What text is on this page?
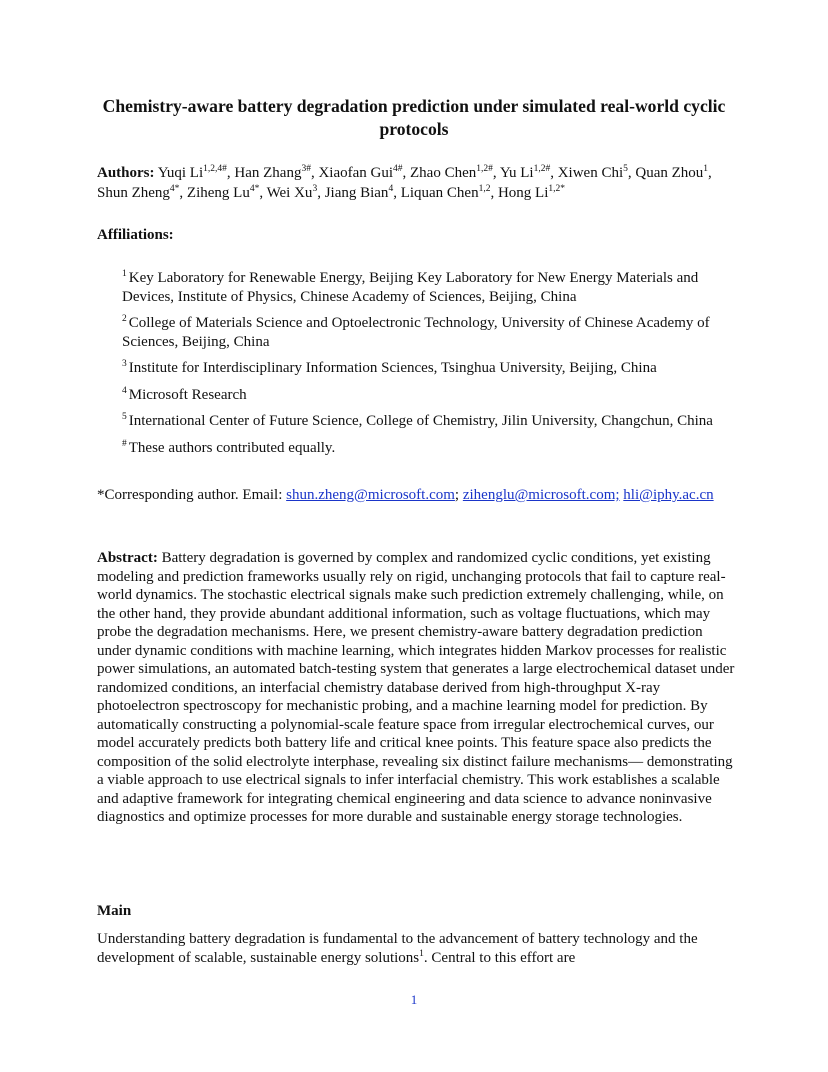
Chemistry-aware battery degradation prediction under simulated real-world cyclic protocols
Authors: Yuqi $Li^{1,2,4\#}$, Han Zhang$^{3\#}$, Xiaofan Gui$^{4\#}$, Zhao Chen$^{1,2\#}$, Yu $Li^{1,2\#}$, Xiwen Chi$^5$, Quan Zhou$^1$, Shun Zheng$^{4*}$, Ziheng $Lu^{4*}$, Wei Xu$^3$, Jiang Bian$^4$, Liquan Chen$^{1,2}$, Hong $Li^{1,2*}$
Affiliations:
$^1$ Key Laboratory for Renewable Energy, Beijing Key Laboratory for New Energy Materials and Devices, Institute of Physics, Chinese Academy of Sciences, Beijing, China
$^2$ College of Materials Science and Optoelectronic Technology, University of Chinese Academy of Sciences, Beijing, China
$^3$ Institute for Interdisciplinary Information Sciences, Tsinghua University, Beijing, China
$^4$ Microsoft Research
$^5$ International Center of Future Science, College of Chemistry, Jilin University, Changchun, China
# These authors contributed equally.
*Corresponding author. Email: shun.zheng@microsoft.com; zihenglu@microsoft.com; hli@iphy.ac.cn
Abstract: Battery degradation is governed by complex and randomized cyclic conditions, yet existing modeling and prediction frameworks usually rely on rigid, unchanging protocols that fail to capture real-world dynamics. The stochastic electrical signals make such prediction extremely challenging, while, on the other hand, they provide abundant additional information, such as voltage fluctuations, which may probe the degradation mechanisms. Here, we present chemistry-aware battery degradation prediction under dynamic conditions with machine learning, which integrates hidden Markov processes for realistic power simulations, an automated batch-testing system that generates a large electrochemical dataset under randomized conditions, an interfacial chemistry database derived from high-throughput X-ray photoelectron spectroscopy for mechanistic probing, and a machine learning model for prediction. By automatically constructing a polynomial-scale feature space from irregular electrochemical curves, our model accurately predicts both battery life and critical knee points. This feature space also predicts the composition of the solid electrolyte interphase, revealing six distinct failure mechanisms— demonstrating a viable approach to use electrical signals to infer interfacial chemistry. This work establishes a scalable and adaptive framework for integrating chemical engineering and data science to advance noninvasive diagnostics and optimize processes for more durable and sustainable energy storage technologies.
Main
Understanding battery degradation is fundamental to the advancement of battery technology and the development of scalable, sustainable energy solutions$^1$. Central to this effort are
1
